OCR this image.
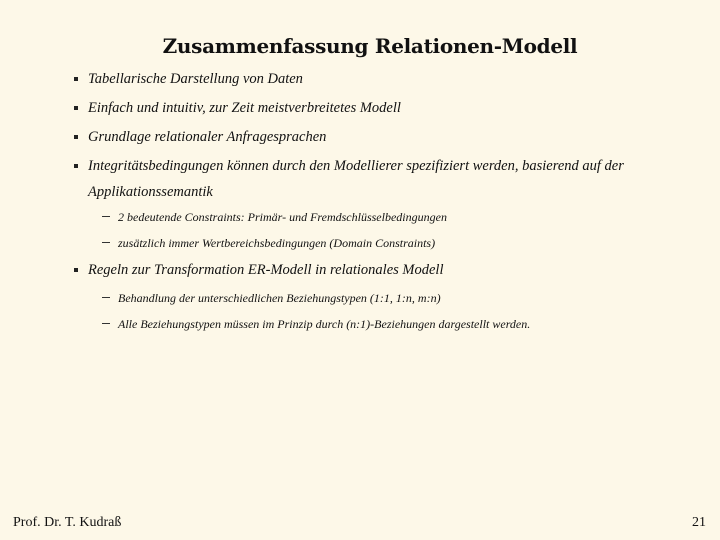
Zusammenfassung Relationen-Modell
Tabellarische Darstellung von Daten
Einfach und intuitiv, zur Zeit meistverbreitetes Modell
Grundlage relationaler Anfragesprachen
Integritätsbedingungen können durch den Modellierer spezifiziert werden, basierend auf der Applikationssemantik
2 bedeutende Constraints: Primär- und Fremdschlüsselbedingungen
zusätzlich immer Wertbereichsbedingungen (Domain Constraints)
Regeln zur Transformation ER-Modell in relationales Modell
Behandlung der unterschiedlichen Beziehungstypen (1:1, 1:n, m:n)
Alle Beziehungstypen müssen im Prinzip durch (n:1)-Beziehungen dargestellt werden.
Prof. Dr. T. Kudraß	21
